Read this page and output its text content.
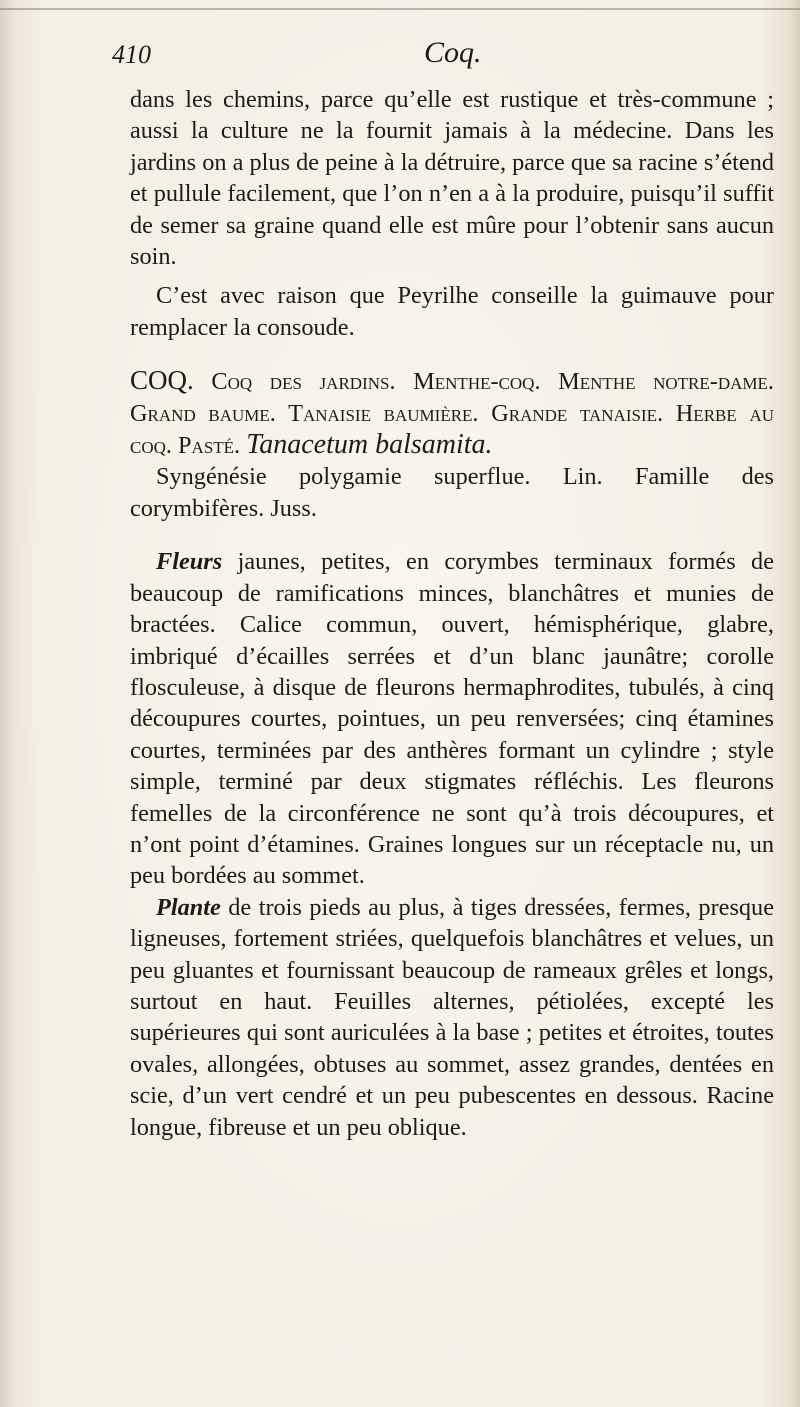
410	Coq.

dans les chemins, parce qu’elle est rustique et très-commune ; aussi la culture ne la fournit jamais à la médecine. Dans les jardins on a plus de peine à la détruire, parce que sa racine s’étend et pullule facilement, que l’on n’en a à la produire, puisqu’il suffit de semer sa graine quand elle est mûre pour l’obtenir sans aucun soin.

C’est avec raison que Peyrilhe conseille la guimauve pour remplacer la consoude.

COQ. Coq des jardins. Menthe-coq. Menthe notre-dame. Grand baume. Tanaisie baumière. Grande tanaisie. Herbe au coq. Pasté. Tanacetum balsamita.

Syngénésie polygamie superflue. Lin. Famille des corymbifères. Juss.

Fleurs jaunes, petites, en corymbes terminaux formés de beaucoup de ramifications minces, blanchâtres et munies de bractées. Calice commun, ouvert, hémisphérique, glabre, imbriqué d’écailles serrées et d’un blanc jaunâtre; corolle flosculeuse, à disque de fleurons hermaphrodites, tubulés, à cinq découpures courtes, pointues, un peu renversées; cinq étamines courtes, terminées par des anthères formant un cylindre ; style simple, terminé par deux stigmates réfléchis. Les fleurons femelles de la circonférence ne sont qu’à trois découpures, et n’ont point d’étamines. Graines longues sur un réceptacle nu, un peu bordées au sommet.

Plante de trois pieds au plus, à tiges dressées, fermes, presque ligneuses, fortement striées, quelquefois blanchâtres et velues, un peu gluantes et fournissant beaucoup de rameaux grêles et longs, surtout en haut. Feuilles alternes, pétiolées, excepté les supérieures qui sont auriculées à la base ; petites et étroites, toutes ovales, allongées, obtuses au sommet, assez grandes, dentées en scie, d’un vert cendré et un peu pubescentes en dessous. Racine longue, fibreuse et un peu oblique.
